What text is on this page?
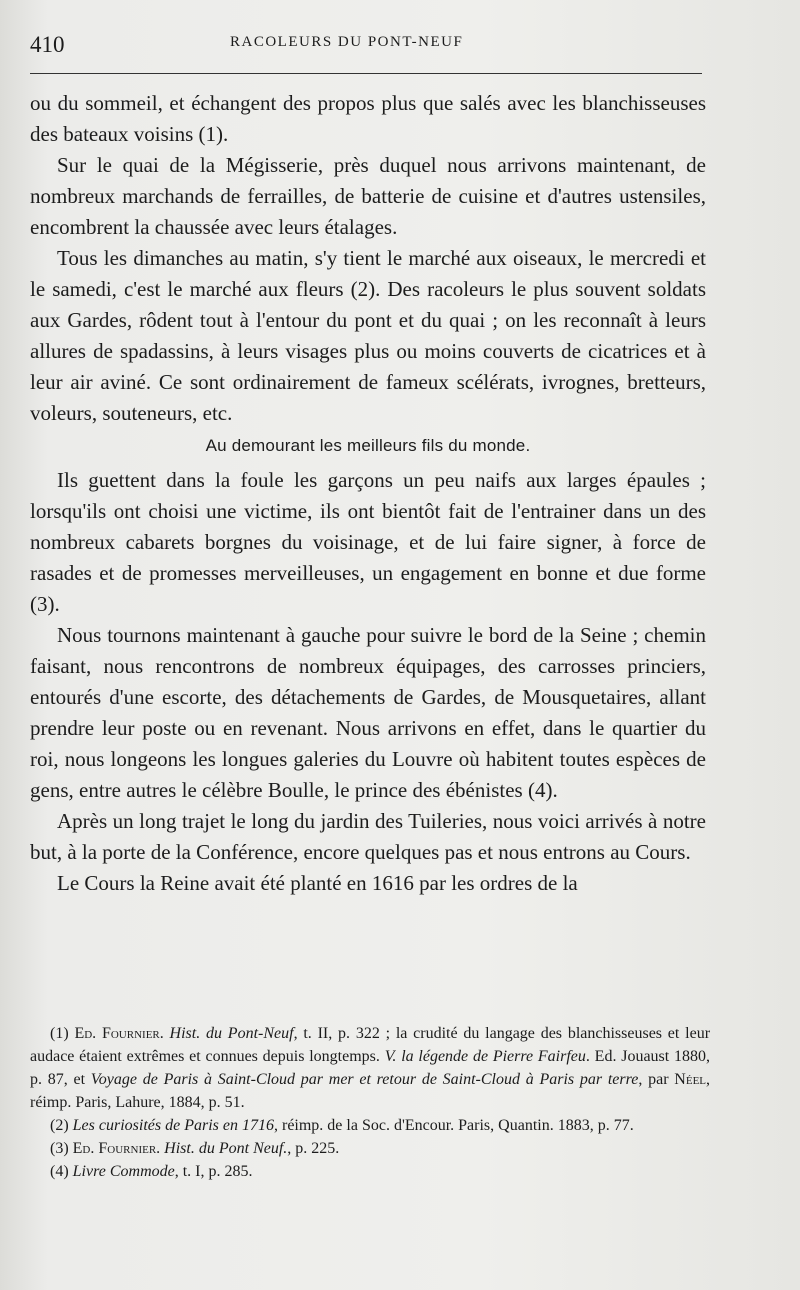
410	RACOLEURS DU PONT-NEUF

ou du sommeil, et échangent des propos plus que salés avec les blanchisseuses des bateaux voisins (1).

Sur le quai de la Mégisserie, près duquel nous arrivons maintenant, de nombreux marchands de ferrailles, de batterie de cuisine et d'autres ustensiles, encombrent la chaussée avec leurs étalages.

Tous les dimanches au matin, s'y tient le marché aux oiseaux, le mercredi et le samedi, c'est le marché aux fleurs (2). Des racoleurs le plus souvent soldats aux Gardes, rôdent tout à l'entour du pont et du quai ; on les reconnaît à leurs allures de spadassins, à leurs visages plus ou moins couverts de cicatrices et à leur air aviné. Ce sont ordinairement de fameux scélérats, ivrognes, bretteurs, voleurs, souteneurs, etc.

Au demourant les meilleurs fils du monde.

Ils guettent dans la foule les garçons un peu naifs aux larges épaules ; lorsqu'ils ont choisi une victime, ils ont bientôt fait de l'entrainer dans un des nombreux cabarets borgnes du voisinage, et de lui faire signer, à force de rasades et de promesses merveilleuses, un engagement en bonne et due forme (3).

Nous tournons maintenant à gauche pour suivre le bord de la Seine ; chemin faisant, nous rencontrons de nombreux équipages, des carrosses princiers, entourés d'une escorte, des détachements de Gardes, de Mousquetaires, allant prendre leur poste ou en revenant. Nous arrivons en effet, dans le quartier du roi, nous longeons les longues galeries du Louvre où habitent toutes espèces de gens, entre autres le célèbre Boulle, le prince des ébénistes (4).

Après un long trajet le long du jardin des Tuileries, nous voici arrivés à notre but, à la porte de la Conférence, encore quelques pas et nous entrons au Cours.

Le Cours la Reine avait été planté en 1616 par les ordres de la

(1) Ed. Fournier. Hist. du Pont-Neuf, t. II, p. 322 ; la crudité du langage des blanchisseuses et leur audace étaient extrêmes et connues depuis longtemps. V. la légende de Pierre Fairfeu. Ed. Jouaust 1880, p. 87, et Voyage de Paris à Saint-Cloud par mer et retour de Saint-Cloud à Paris par terre, par Néel, réimp. Paris, Lahure, 1884, p. 51.

(2) Les curiosités de Paris en 1716, réimp. de la Soc. d'Encour. Paris, Quantin. 1883, p. 77.

(3) Ed. Fournier. Hist. du Pont Neuf., p. 225.

(4) Livre Commode, t. I, p. 285.
